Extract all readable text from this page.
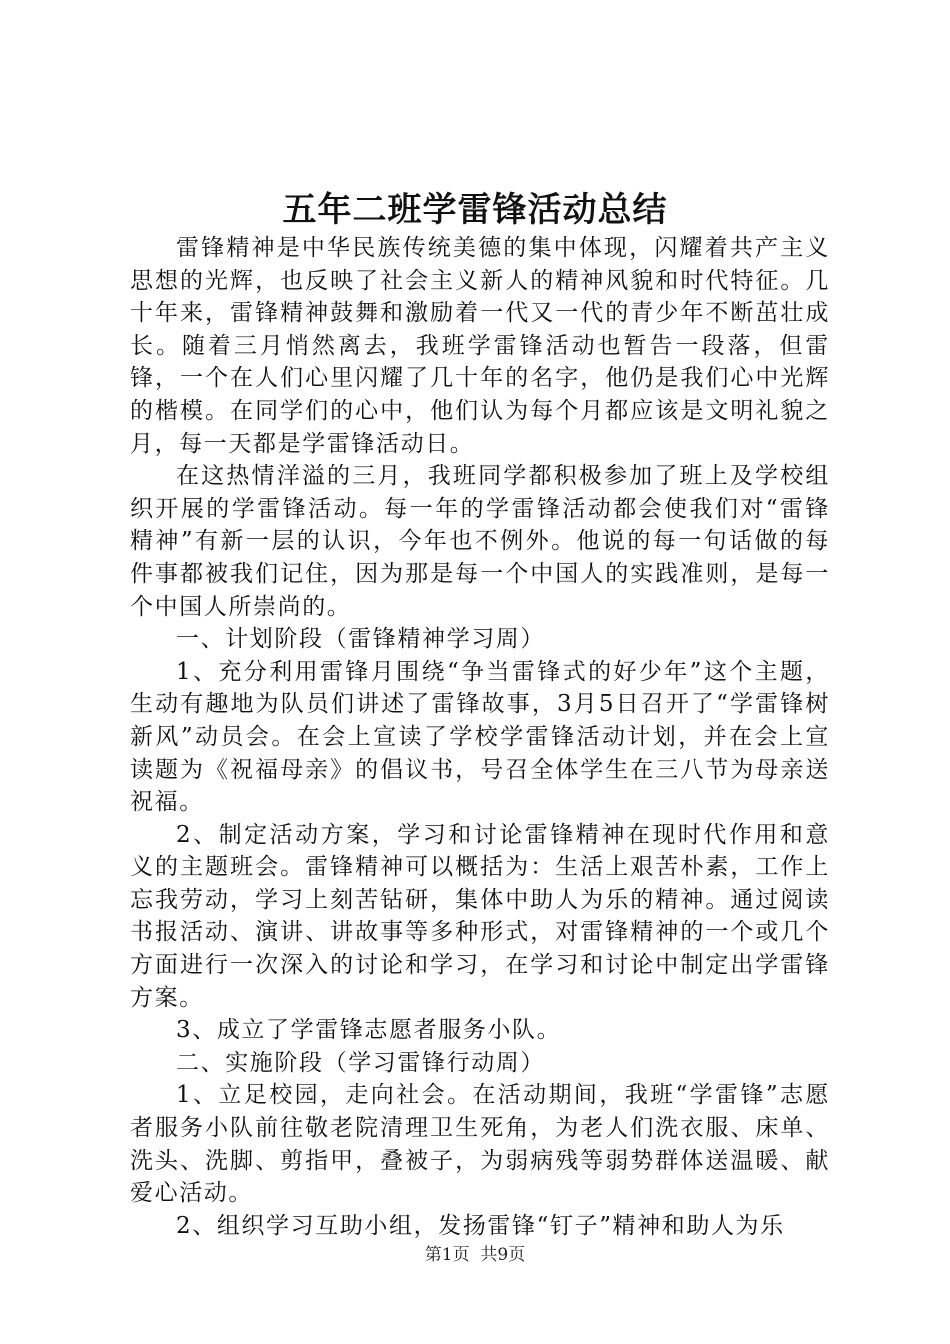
五年二班学雷锋活动总结

雷锋精神是中华民族传统美德的集中体现，闪耀着共产主义思想的光辉，也反映了社会主义新人的精神风貌和时代特征。几十年来，雷锋精神鼓舞和激励着一代又一代的青少年不断茁壮成长。随着三月悄然离去，我班学雷锋活动也暂告一段落，但雷锋，一个在人们心里闪耀了几十年的名字，他仍是我们心中光辉的楷模。在同学们的心中，他们认为每个月都应该是文明礼貌之月，每一天都是学雷锋活动日。

在这热情洋溢的三月，我班同学都积极参加了班上及学校组织开展的学雷锋活动。每一年的学雷锋活动都会使我们对“雷锋精神”有新一层的认识，今年也不例外。他说的每一句话做的每件事都被我们记住，因为那是每一个中国人的实践准则，是每一个中国人所崇尚的。

一、计划阶段（雷锋精神学习周）

1、充分利用雷锋月围绕“争当雷锋式的好少年”这个主题，生动有趣地为队员们讲述了雷锋故事，3月5日召开了“学雷锋树新风”动员会。在会上宣读了学校学雷锋活动计划，并在会上宣读题为《祝福母亲》的倡议书，号召全体学生在三八节为母亲送祝福。

2、制定活动方案，学习和讨论雷锋精神在现时代作用和意义的主题班会。雷锋精神可以概括为：生活上艰苦朴素，工作上忘我劳动，学习上刻苦钻研，集体中助人为乐的精神。通过阅读书报活动、演讲、讲故事等多种形式，对雷锋精神的一个或几个方面进行一次深入的讨论和学习，在学习和讨论中制定出学雷锋方案。

3、成立了学雷锋志愿者服务小队。

二、实施阶段（学习雷锋行动周）

1、立足校园，走向社会。在活动期间，我班“学雷锋”志愿者服务小队前往敬老院清理卫生死角，为老人们洗衣服、床单、洗头、洗脚、剪指甲，叠被子，为弱病残等弱势群体送温暖、献爱心活动。

2、组织学习互助小组，发扬雷锋“钉子”精神和助人为乐

第1页 共9页
